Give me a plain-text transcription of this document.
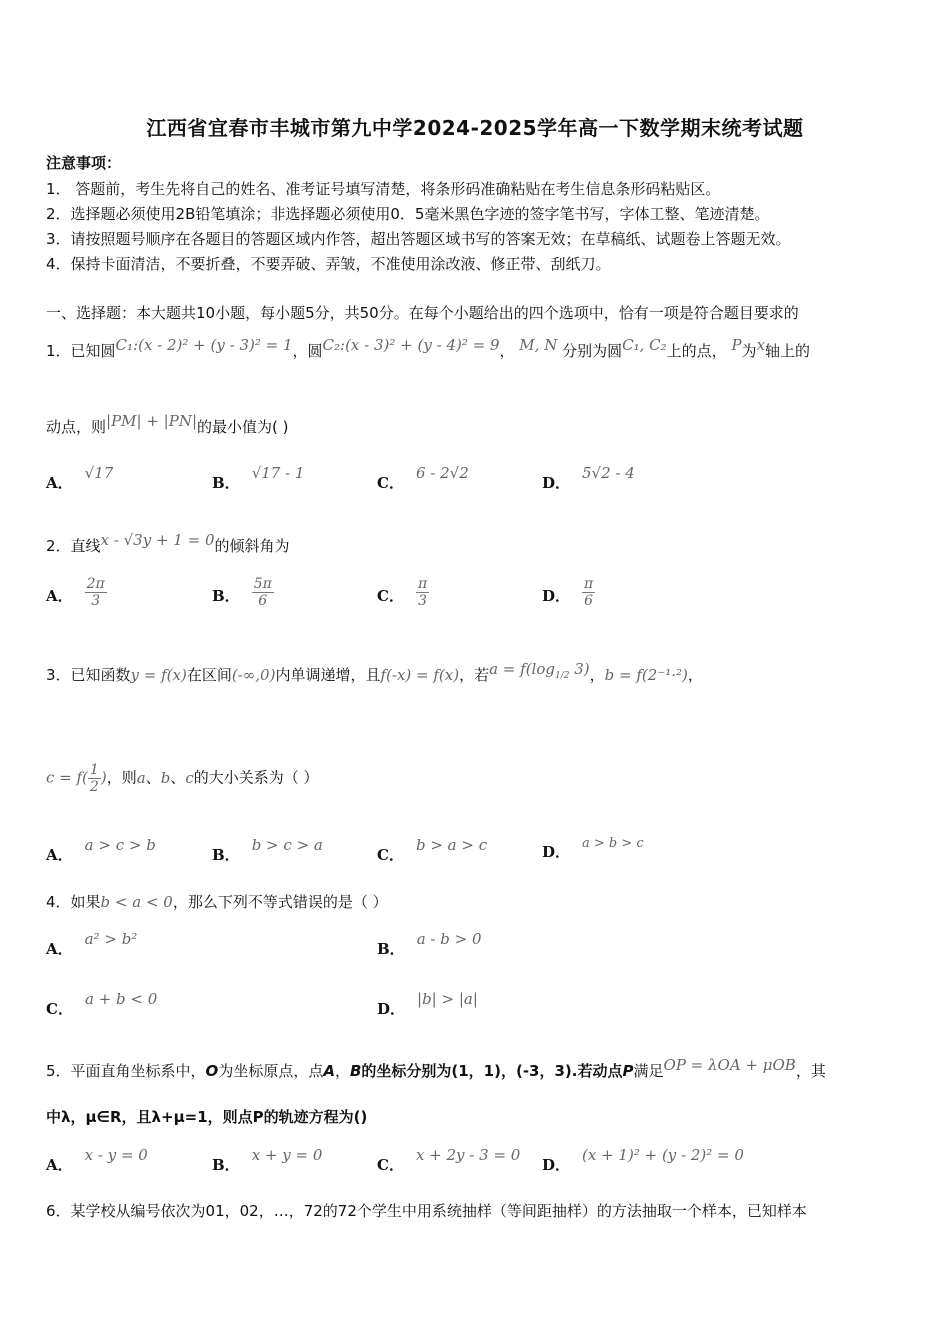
江西省宜春市丰城市第九中学2024-2025学年高一下数学期末统考试题
注意事项：
1． 答题前，考生先将自己的姓名、准考证号填写清楚，将条形码准确粘贴在考生信息条形码粘贴区。
2．选择题必须使用2B铅笔填涂；非选择题必须使用0．5毫米黑色字迹的签字笔书写，字体工整、笔迹清楚。
3．请按照题号顺序在各题目的答题区域内作答，超出答题区域书写的答案无效；在草稿纸、试题卷上答题无效。
4．保持卡面清洁，不要折叠，不要弄破、弄皱，不准使用涂改液、修正带、刮纸刀。
一、选择题：本大题共10小题，每小题5分，共50分。在每个小题给出的四个选项中，恰有一项是符合题目要求的
1．已知圆C₁:(x - 2)² + (y - 3)² = 1，圆C₂:(x - 3)² + (y - 4)² = 9， M, N 分别为圆C₁, C₂上的点， P为x轴上的
动点，则|PM| + |PN|的最小值为( )
A．√17
B．√17 - 1
C．6 - 2√2
D．5√2 - 4
2．直线x - √3y + 1 = 0的倾斜角为
A． $\frac{2\pi}{3}$	B． $\frac{5\pi}{6}$	C． $\frac{\pi}{3}$	D． $\frac{\pi}{6}$
3．已知函数y = f(x)在区间(-∞,0)内单调递增，且f(-x) = f(x)，若$a = f(\log_{1/2}$ 3)，b = f(2⁻¹·²)，
$c = f( \frac{1}{2}$ )，则a、b、c的大小关系为（ ）
A．a > c > b
B．b > c > a
C．b > a > c	D． a > b > c
4．如果b < a < 0，那么下列不等式错误的是（ ）
A．a² > b²
B．a - b > 0
C．a + b < 0
D．|b| > |a|
5．平面直角坐标系中，O为坐标原点，点A，B的坐标分别为(1，1)，(-3，3).若动点P满足OP = λOA + μOB，其
中λ，μ∈R，且λ+μ=1，则点P的轨迹方程为()
A．x - y = 0
B．x + y = 0
C．x + 2y - 3 = 0
D．(x + 1)² + (y - 2)² = 0
6．某学校从编号依次为01，02，…，72的72个学生中用系统抽样（等间距抽样）的方法抽取一个样本，已知样本
